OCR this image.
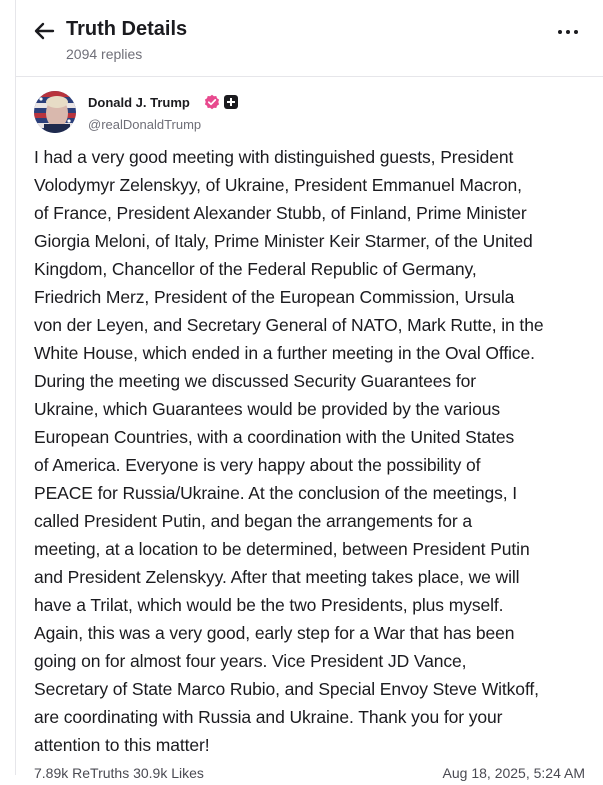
Truth Details
2094 replies
Donald J. Trump
@realDonaldTrump
I had a very good meeting with distinguished guests, President
Volodymyr Zelenskyy, of Ukraine, President Emmanuel Macron,
of France, President Alexander Stubb, of Finland, Prime Minister
Giorgia Meloni, of Italy, Prime Minister Keir Starmer, of the United
Kingdom, Chancellor of the Federal Republic of Germany,
Friedrich Merz, President of the European Commission, Ursula
von der Leyen, and Secretary General of NATO, Mark Rutte, in the
White House, which ended in a further meeting in the Oval Office.
During the meeting we discussed Security Guarantees for
Ukraine, which Guarantees would be provided by the various
European Countries, with a coordination with the United States
of America. Everyone is very happy about the possibility of
PEACE for Russia/Ukraine. At the conclusion of the meetings, I
called President Putin, and began the arrangements for a
meeting, at a location to be determined, between President Putin
and President Zelenskyy. After that meeting takes place, we will
have a Trilat, which would be the two Presidents, plus myself.
Again, this was a very good, early step for a War that has been
going on for almost four years. Vice President JD Vance,
Secretary of State Marco Rubio, and Special Envoy Steve Witkoff,
are coordinating with Russia and Ukraine. Thank you for your
attention to this matter!
7.89k ReTruths 30.9k Likes	Aug 18, 2025, 5:24 AM
